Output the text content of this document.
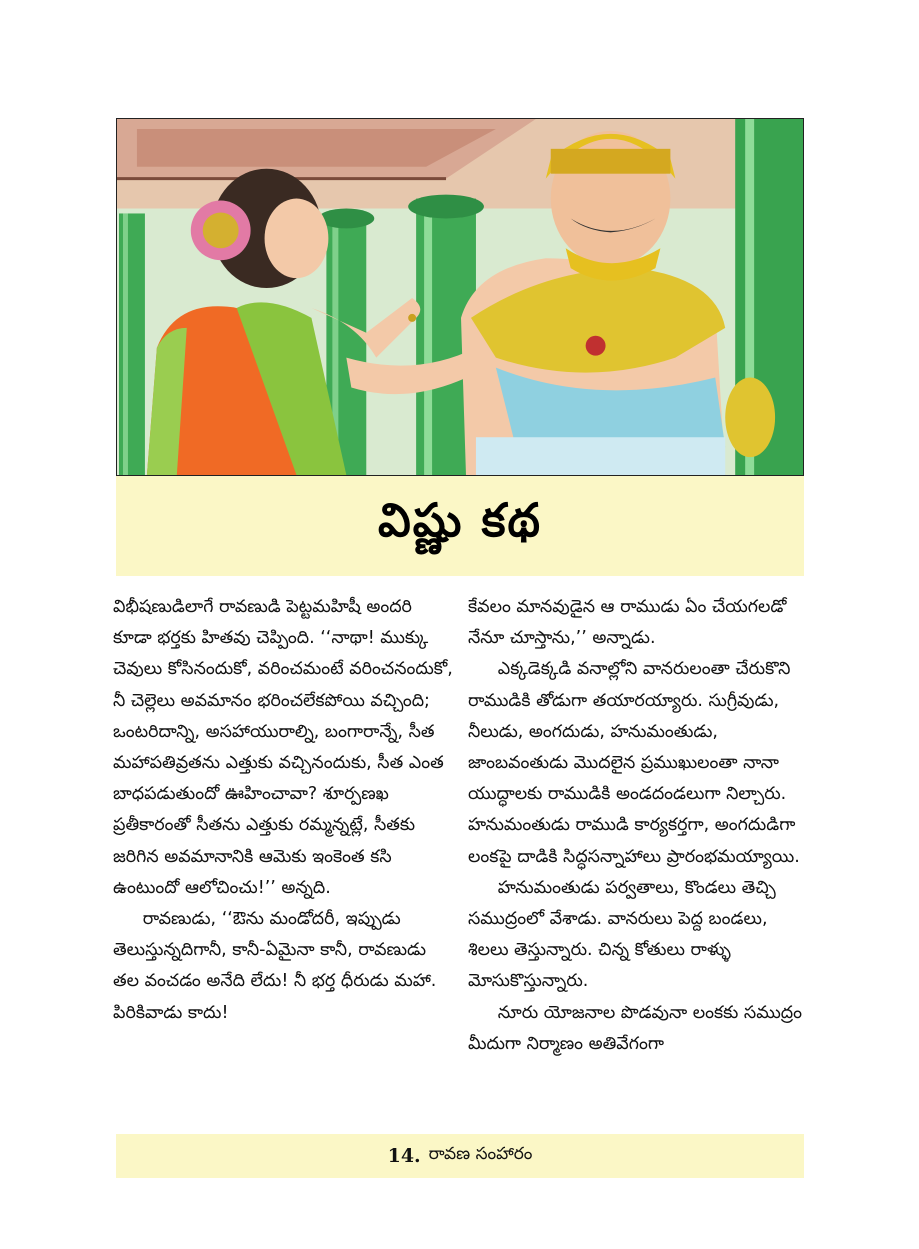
విష్ణు కథ

విభీషణుడిలాగే రావణుడి పెట్టమహిషీ అందరి కూడా భర్తకు హితవు చెప్పింది. ‘‘నాథా! ముక్కు చెవులు కోసినందుకో, వరించమంటే వరించనందుకో, నీ చెల్లెలు అవమానం భరించలేకపోయి వచ్చింది; ఒంటరిదాన్ని, అసహాయురాల్ని, బంగారాన్నే, సీత మహాపతివ్రతను ఎత్తుకు వచ్చినందుకు, సీత ఎంత బాధపడుతుందో ఊహించావా? శూర్పణఖ ప్రతీకారంతో సీతను ఎత్తుకు రమ్మన్నట్లే, సీతకు జరిగిన అవమానానికి ఆమెకు ఇంకెంత కసి ఉంటుందో ఆలోచించు!’’ అన్నది.

రావణుడు, ‘‘ఔను మండోదరీ, ఇప్పుడు తెలుస్తున్నదిగానీ, కానీ-ఏమైనా కానీ, రావణుడు తల వంచడం అనేది లేదు! నీ భర్త ధీరుడు మహా. పిరికివాడు కాదు!

కేవలం మానవుడైన ఆ రాముడు ఏం చేయగలడో నేనూ చూస్తాను,’’ అన్నాడు.

ఎక్కడెక్కడి వనాల్లోని వానరులంతా చేరుకొని రాముడికి తోడుగా తయారయ్యారు. సుగ్రీవుడు, నీలుడు, అంగదుడు, హనుమంతుడు, జాంబవంతుడు మొదలైన ప్రముఖులంతా నానా యుద్ధాలకు రాముడికి అండదండలుగా నిల్చారు. హనుమంతుడు రాముడి కార్యకర్తగా, అంగదుడిగా లంకపై దాడికి సిద్ధసన్నాహాలు ప్రారంభమయ్యాయి.

హనుమంతుడు పర్వతాలు, కొండలు తెచ్చి సముద్రంలో వేశాడు. వానరులు పెద్ద బండలు, శిలలు తెస్తున్నారు. చిన్న కోతులు రాళ్ళు మోసుకొస్తున్నారు.

నూరు యోజనాల పొడవునా లంకకు సముద్రం మీదుగా నిర్మాణం అతివేగంగా

14. రావణ సంహారం
